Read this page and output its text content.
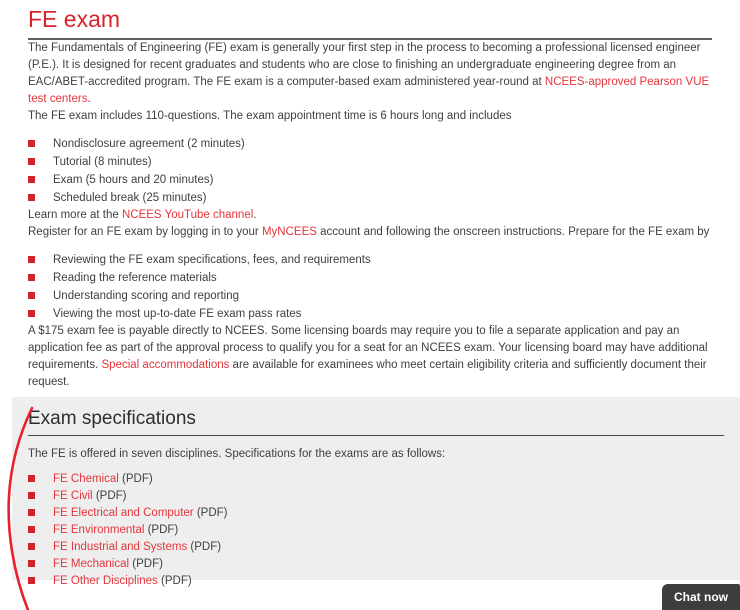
FE exam

The Fundamentals of Engineering (FE) exam is generally your first step in the process to becoming a professional licensed engineer (P.E.). It is designed for recent graduates and students who are close to finishing an undergraduate engineering degree from an EAC/ABET-accredited program. The FE exam is a computer-based exam administered year-round at NCEES-approved Pearson VUE test centers.

The FE exam includes 110-questions. The exam appointment time is 6 hours long and includes

Nondisclosure agreement (2 minutes)
Tutorial (8 minutes)
Exam (5 hours and 20 minutes)
Scheduled break (25 minutes)

Learn more at the NCEES YouTube channel.

Register for an FE exam by logging in to your MyNCEES account and following the onscreen instructions. Prepare for the FE exam by

Reviewing the FE exam specifications, fees, and requirements
Reading the reference materials
Understanding scoring and reporting
Viewing the most up-to-date FE exam pass rates

A $175 exam fee is payable directly to NCEES. Some licensing boards may require you to file a separate application and pay an application fee as part of the approval process to qualify you for a seat for an NCEES exam. Your licensing board may have additional requirements. Special accommodations are available for examinees who meet certain eligibility criteria and sufficiently document their request.

Exam specifications

The FE is offered in seven disciplines. Specifications for the exams are as follows:

FE Chemical (PDF)
FE Civil (PDF)
FE Electrical and Computer (PDF)
FE Environmental (PDF)
FE Industrial and Systems (PDF)
FE Mechanical (PDF)
FE Other Disciplines (PDF)
Chat now
